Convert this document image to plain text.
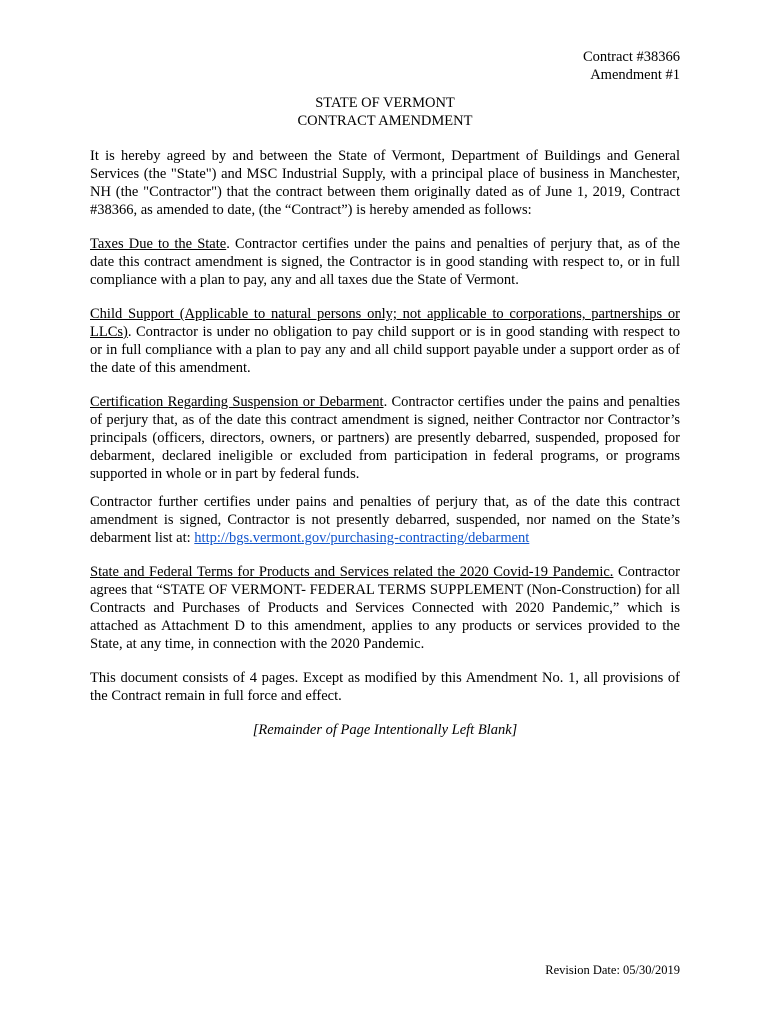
Contract #38366
Amendment #1
STATE OF VERMONT
CONTRACT AMENDMENT

It is hereby agreed by and between the State of Vermont, Department of Buildings and General Services (the "State") and MSC Industrial Supply, with a principal place of business in Manchester, NH (the "Contractor") that the contract between them originally dated as of June 1, 2019, Contract #38366, as amended to date, (the “Contract”) is hereby amended as follows:

Taxes Due to the State. Contractor certifies under the pains and penalties of perjury that, as of the date this contract amendment is signed, the Contractor is in good standing with respect to, or in full compliance with a plan to pay, any and all taxes due the State of Vermont.

Child Support (Applicable to natural persons only; not applicable to corporations, partnerships or LLCs). Contractor is under no obligation to pay child support or is in good standing with respect to or in full compliance with a plan to pay any and all child support payable under a support order as of the date of this amendment.

Certification Regarding Suspension or Debarment. Contractor certifies under the pains and penalties of perjury that, as of the date this contract amendment is signed, neither Contractor nor Contractor’s principals (officers, directors, owners, or partners) are presently debarred, suspended, proposed for debarment, declared ineligible or excluded from participation in federal programs, or programs supported in whole or in part by federal funds.

Contractor further certifies under pains and penalties of perjury that, as of the date this contract amendment is signed, Contractor is not presently debarred, suspended, nor named on the State’s debarment list at: http://bgs.vermont.gov/purchasing-contracting/debarment

State and Federal Terms for Products and Services related the 2020 Covid-19 Pandemic. Contractor agrees that “STATE OF VERMONT- FEDERAL TERMS SUPPLEMENT (Non-Construction) for all Contracts and Purchases of Products and Services Connected with 2020 Pandemic,” which is attached as Attachment D to this amendment, applies to any products or services provided to the State, at any time, in connection with the 2020 Pandemic.

This document consists of 4 pages. Except as modified by this Amendment No. 1, all provisions of the Contract remain in full force and effect.

[Remainder of Page Intentionally Left Blank]

Revision Date: 05/30/2019
